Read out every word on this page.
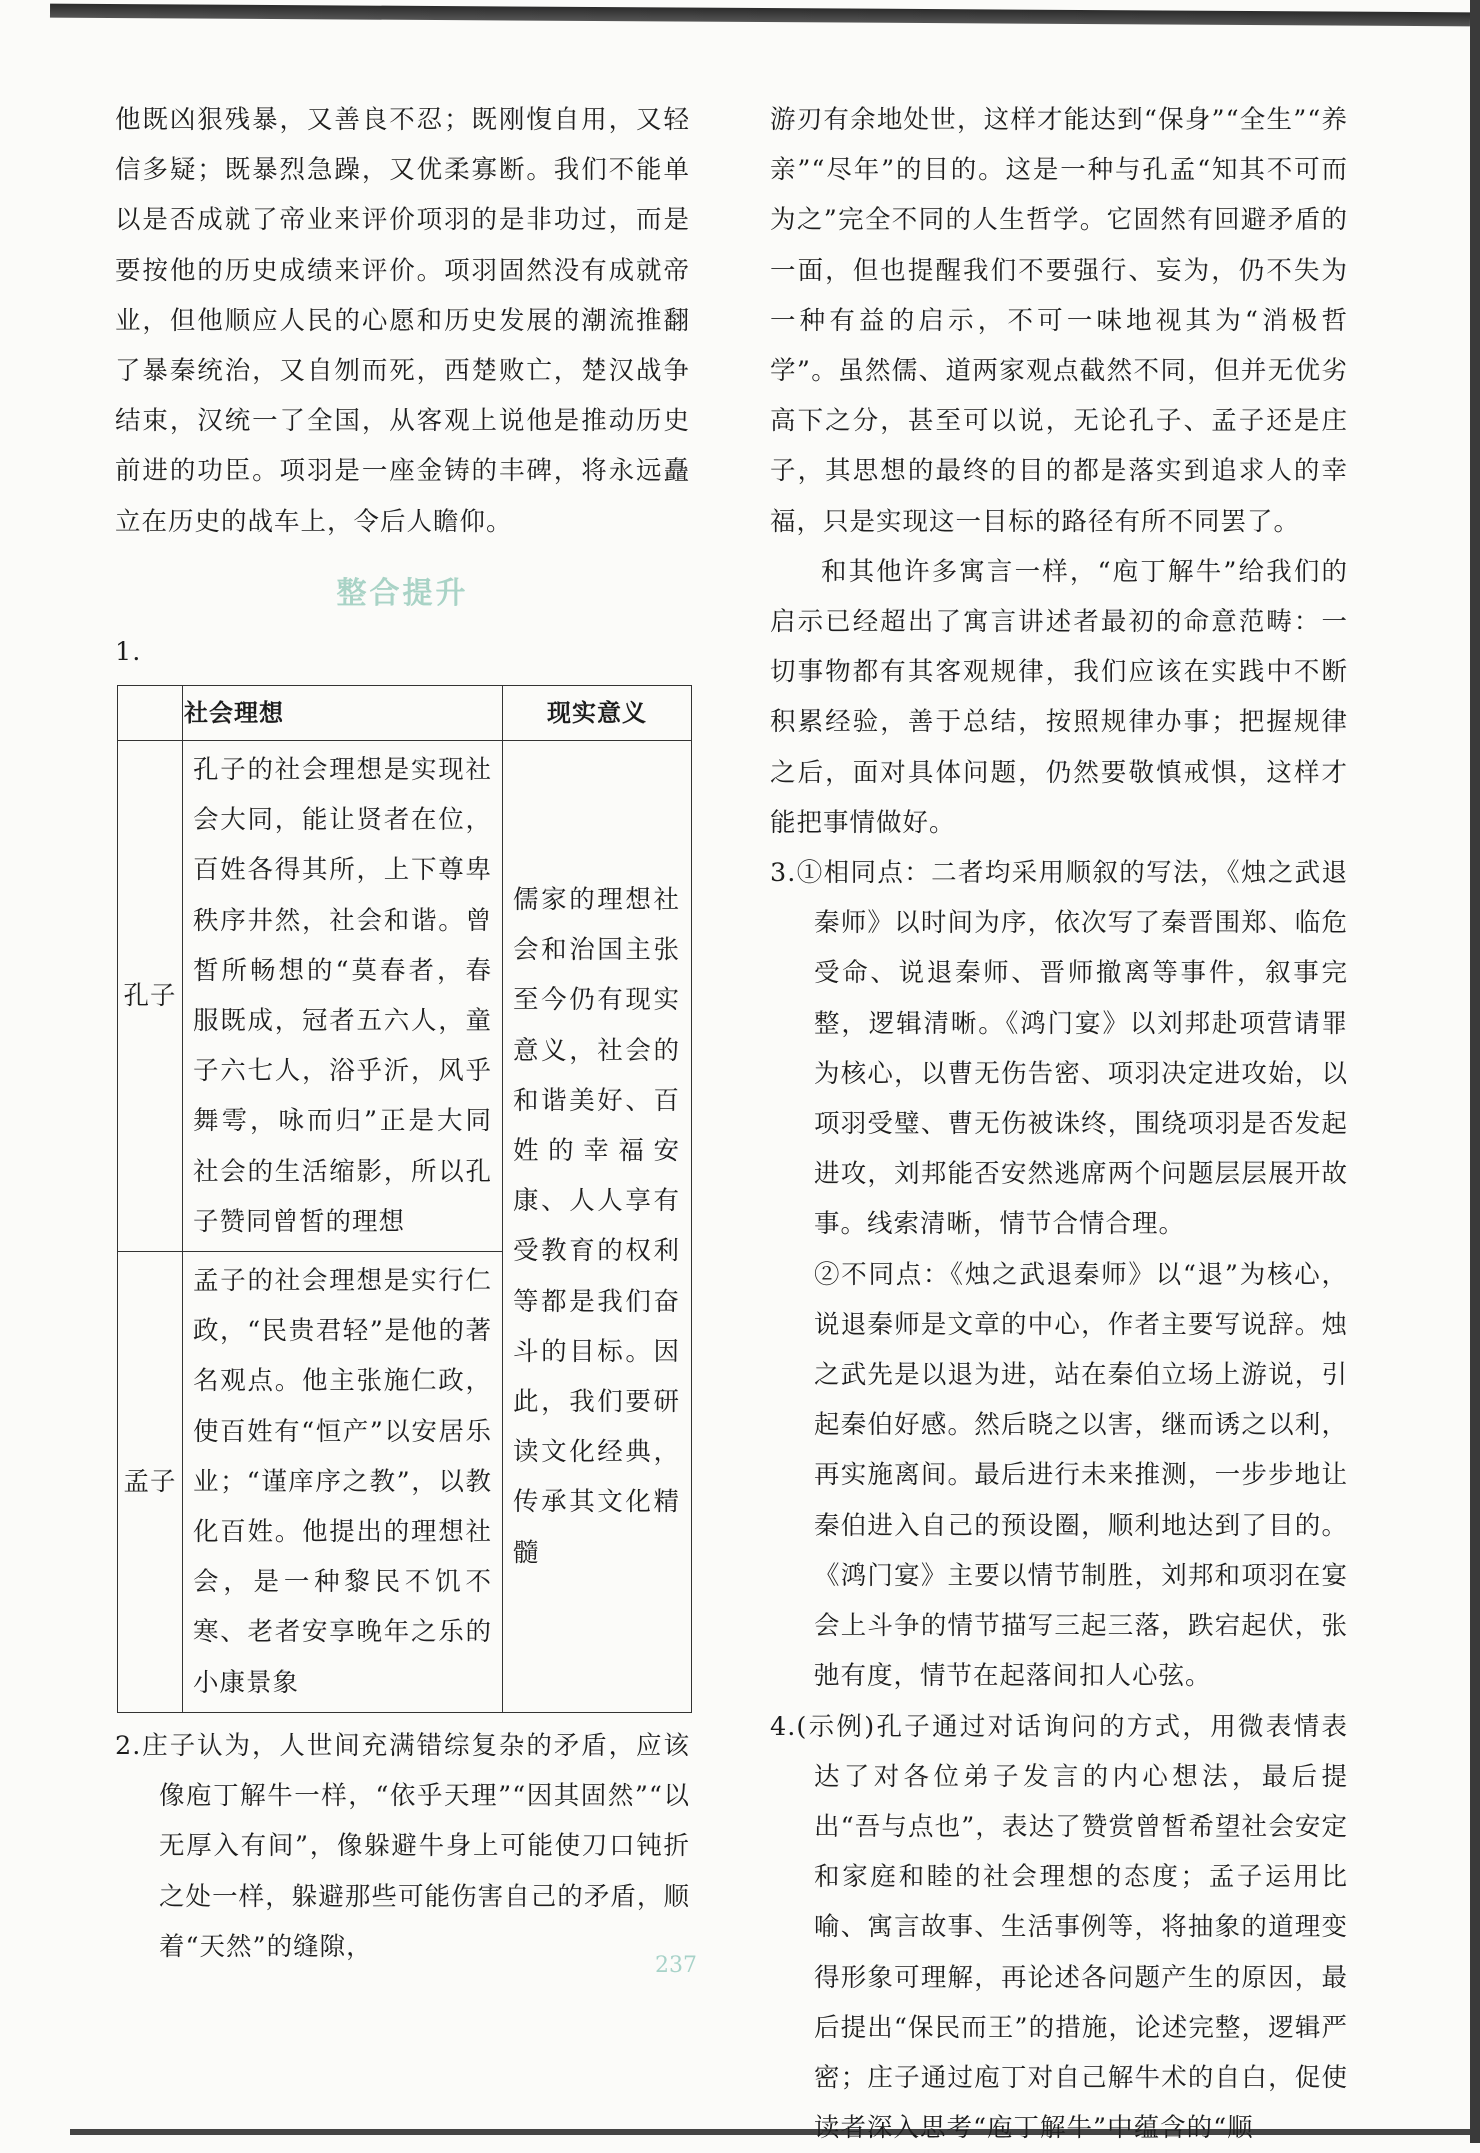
他既凶狠残暴，又善良不忍；既刚愎自用，又轻信多疑；既暴烈急躁，又优柔寡断。我们不能单以是否成就了帝业来评价项羽的是非功过，而是要按他的历史成绩来评价。项羽固然没有成就帝业，但他顺应人民的心愿和历史发展的潮流推翻了暴秦统治，又自刎而死，西楚败亡，楚汉战争结束，汉统一了全国，从客观上说他是推动历史前进的功臣。项羽是一座金铸的丰碑，将永远矗立在历史的战车上，令后人瞻仰。

整合提升

1.

	社会理想	现实意义
孔子	孔子的社会理想是实现社会大同，能让贤者在位，百姓各得其所，上下尊卑秩序井然，社会和谐。曾皙所畅想的“莫春者，春服既成，冠者五六人，童子六七人，浴乎沂，风乎舞雩，咏而归”正是大同社会的生活缩影，所以孔子赞同曾皙的理想	儒家的理想社会和治国主张至今仍有现实意义，社会的和谐美好、百姓的幸福安康、人人享有受教育的权利等都是我们奋斗的目标。因此，我们要研读文化经典，传承其文化精髓
孟子	孟子的社会理想是实行仁政，“民贵君轻”是他的著名观点。他主张施仁政，使百姓有“恒产”以安居乐业；“谨庠序之教”，以教化百姓。他提出的理想社会，是一种黎民不饥不寒、老者安享晚年之乐的小康景象	

2.庄子认为，人世间充满错综复杂的矛盾，应该像庖丁解牛一样，“依乎天理”“因其固然”“以无厚入有间”，像躲避牛身上可能使刀口钝折之处一样，躲避那些可能伤害自己的矛盾，顺着“天然”的缝隙，

游刃有余地处世，这样才能达到“保身”“全生”“养亲”“尽年”的目的。这是一种与孔孟“知其不可而为之”完全不同的人生哲学。它固然有回避矛盾的一面，但也提醒我们不要强行、妄为，仍不失为一种有益的启示，不可一味地视其为“消极哲学”。虽然儒、道两家观点截然不同，但并无优劣高下之分，甚至可以说，无论孔子、孟子还是庄子，其思想的最终的目的都是落实到追求人的幸福，只是实现这一目标的路径有所不同罢了。

和其他许多寓言一样，“庖丁解牛”给我们的启示已经超出了寓言讲述者最初的命意范畴：一切事物都有其客观规律，我们应该在实践中不断积累经验，善于总结，按照规律办事；把握规律之后，面对具体问题，仍然要敬慎戒惧，这样才能把事情做好。

3.①相同点：二者均采用顺叙的写法，《烛之武退秦师》以时间为序，依次写了秦晋围郑、临危受命、说退秦师、晋师撤离等事件，叙事完整，逻辑清晰。《鸿门宴》以刘邦赴项营请罪为核心，以曹无伤告密、项羽决定进攻始，以项羽受璧、曹无伤被诛终，围绕项羽是否发起进攻，刘邦能否安然逃席两个问题层层展开故事。线索清晰，情节合情合理。

②不同点：《烛之武退秦师》以“退”为核心，说退秦师是文章的中心，作者主要写说辞。烛之武先是以退为进，站在秦伯立场上游说，引起秦伯好感。然后晓之以害，继而诱之以利，再实施离间。最后进行未来推测，一步步地让秦伯进入自己的预设圈，顺利地达到了目的。《鸿门宴》主要以情节制胜，刘邦和项羽在宴会上斗争的情节描写三起三落，跌宕起伏，张弛有度，情节在起落间扣人心弦。

4.(示例)孔子通过对话询问的方式，用微表情表达了对各位弟子发言的内心想法，最后提出“吾与点也”，表达了赞赏曾皙希望社会安定和家庭和睦的社会理想的态度；孟子运用比喻、寓言故事、生活事例等，将抽象的道理变得形象可理解，再论述各问题产生的原因，最后提出“保民而王”的措施，论述完整，逻辑严密；庄子通过庖丁对自己解牛术的自白，促使读者深入思考“庖丁解牛”中蕴含的“顺

237
